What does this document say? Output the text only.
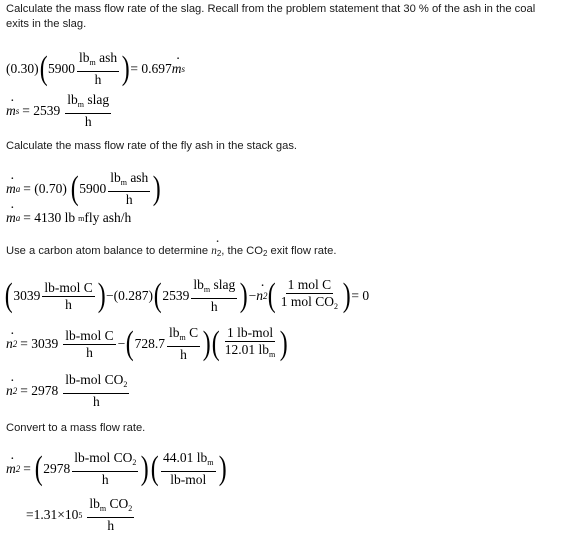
Calculate the mass flow rate of the slag. Recall from the problem statement that 30 % of the ash in the coal
exits in the slag.
(0.30) ( $5900 \frac{lb_m ash}{h}$ ) = 0.697 · m s
· m $s = 2539 \frac{lb_m slag}{h}$
Calculate the mass flow rate of the fly ash in the stack gas.
· m a = (0.70) ( $5900 \frac{lb_m ash}{h}$ )
· m a = 4130 lb m fly ash/h
Use a carbon atom balance to determine · $n_2$, the $CO_2$ exit flow rate.
( $3039 \frac{\text{lb-mol C}}{h}$ ) −(0.287) ( $2539 \frac{lb_m slag}{h}$ ) − · n 2 ( $\frac{\text{1 mol C}}{1 mol CO_2}$ ) = 0
· n $2 = 3039 \frac{\text{lb-mol C}}{h}$ − ( $728.7 \frac{lb_m C}{h}$ ) ( $\frac{\text{1 lb-mol}}{12.01 lb_m}$ )
· n $2 = 2978 \frac{lb-mol CO_2}{h}$
Convert to a mass flow rate.
· m 2 = ( $2978 \frac{lb-mol CO_2}{h}$ ) ( $\frac{44.01 lb_m}{\text{lb-mol}}$ )
=1.31×10 $5 \frac{lb_m CO_2}{h}$
